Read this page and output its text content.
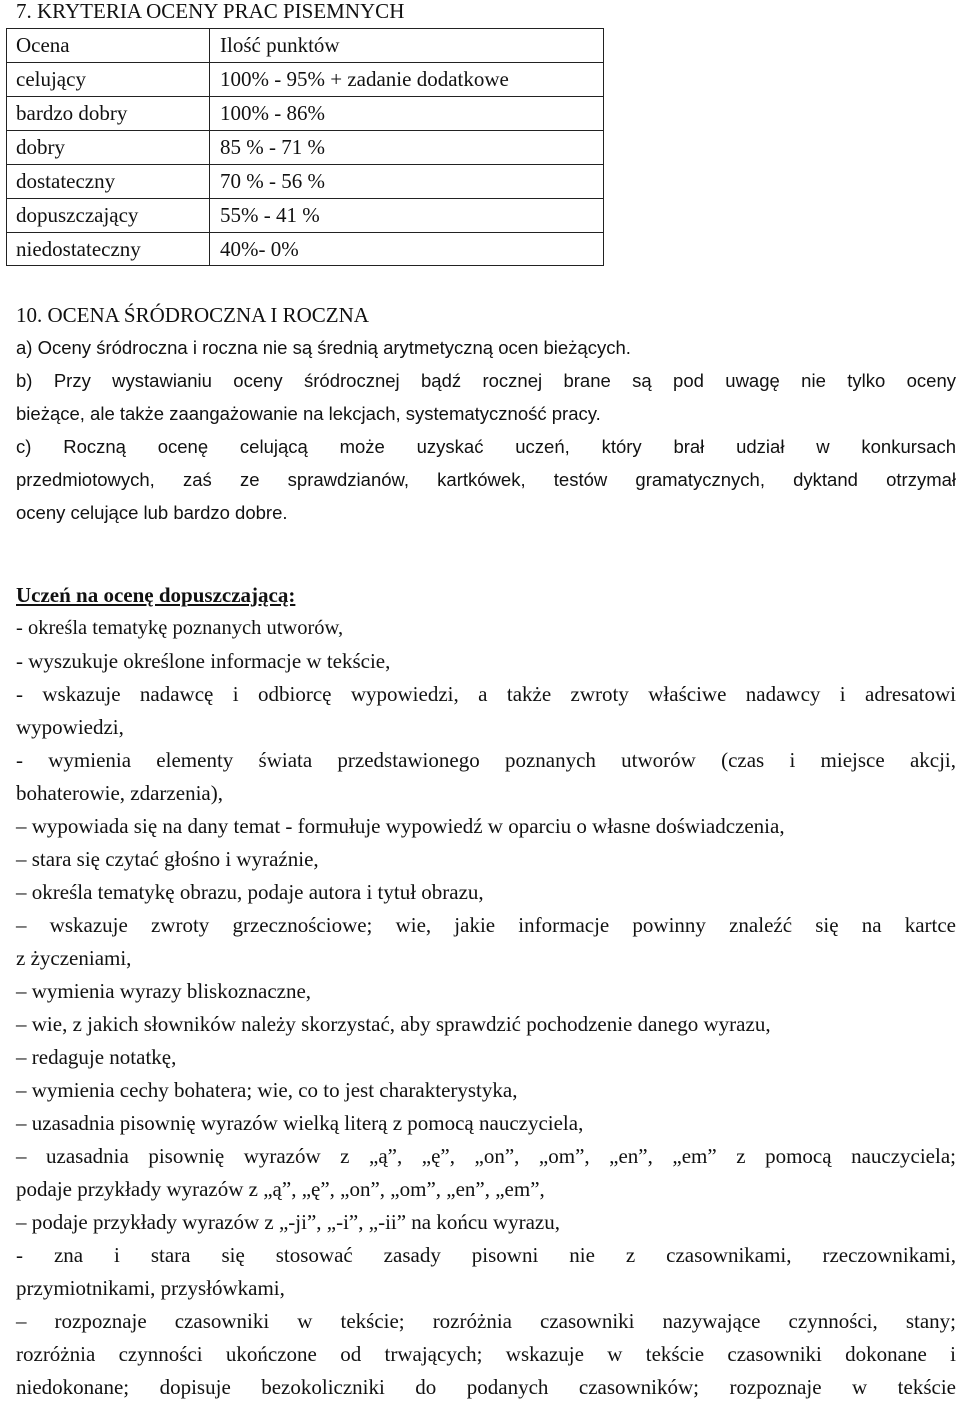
7. KRYTERIA OCENY PRAC PISEMNYCH
Ocena	Ilość punktów
celujący	100% - 95% + zadanie dodatkowe
bardzo dobry	100% - 86%
dobry	85 % - 71 %
dostateczny	70 % - 56 %
dopuszczający	55% - 41 %
niedostateczny	40%- 0%
10. OCENA ŚRÓDROCZNA I ROCZNA
a) Oceny śródroczna i roczna nie są średnią arytmetyczną ocen bieżących.
b) Przy wystawianiu oceny śródrocznej bądź rocznej brane są pod uwagę nie tylko oceny
bieżące, ale także zaangażowanie na lekcjach, systematyczność pracy.
c) Roczną ocenę celującą może uzyskać uczeń, który brał udział w konkursach
przedmiotowych, zaś ze sprawdzianów, kartkówek, testów gramatycznych, dyktand otrzymał
oceny celujące lub bardzo dobre.
Uczeń na ocenę dopuszczającą:
- określa tematykę poznanych utworów,
- wyszukuje określone informacje w tekście,
- wskazuje nadawcę i odbiorcę wypowiedzi, a także zwroty właściwe nadawcy i adresatowi
wypowiedzi,
- wymienia elementy świata przedstawionego poznanych utworów (czas i miejsce akcji,
bohaterowie, zdarzenia),
– wypowiada się na dany temat - formułuje wypowiedź w oparciu o własne doświadczenia,
– stara się czytać głośno i wyraźnie,
– określa tematykę obrazu, podaje autora i tytuł obrazu,
– wskazuje zwroty grzecznościowe; wie, jakie informacje powinny znaleźć się na kartce
z życzeniami,
– wymienia wyrazy bliskoznaczne,
– wie, z jakich słowników należy skorzystać, aby sprawdzić pochodzenie danego wyrazu,
– redaguje notatkę,
– wymienia cechy bohatera; wie, co to jest charakterystyka,
– uzasadnia pisownię wyrazów wielką literą z pomocą nauczyciela,
– uzasadnia pisownię wyrazów z „ą”, „ę”, „on”, „om”, „en”, „em” z pomocą nauczyciela;
podaje przykłady wyrazów z „ą”, „ę”, „on”, „om”, „en”, „em”,
– podaje przykłady wyrazów z „-ji”, „-i”, „-ii” na końcu wyrazu,
- zna i stara się stosować zasady pisowni nie z czasownikami, rzeczownikami,
przymiotnikami, przysłówkami,
– rozpoznaje czasowniki w tekście; rozróżnia czasowniki nazywające czynności, stany;
rozróżnia czynności ukończone od trwających; wskazuje w tekście czasowniki dokonane i
niedokonane; dopisuje bezokoliczniki do podanych czasowników; rozpoznaje w tekście
